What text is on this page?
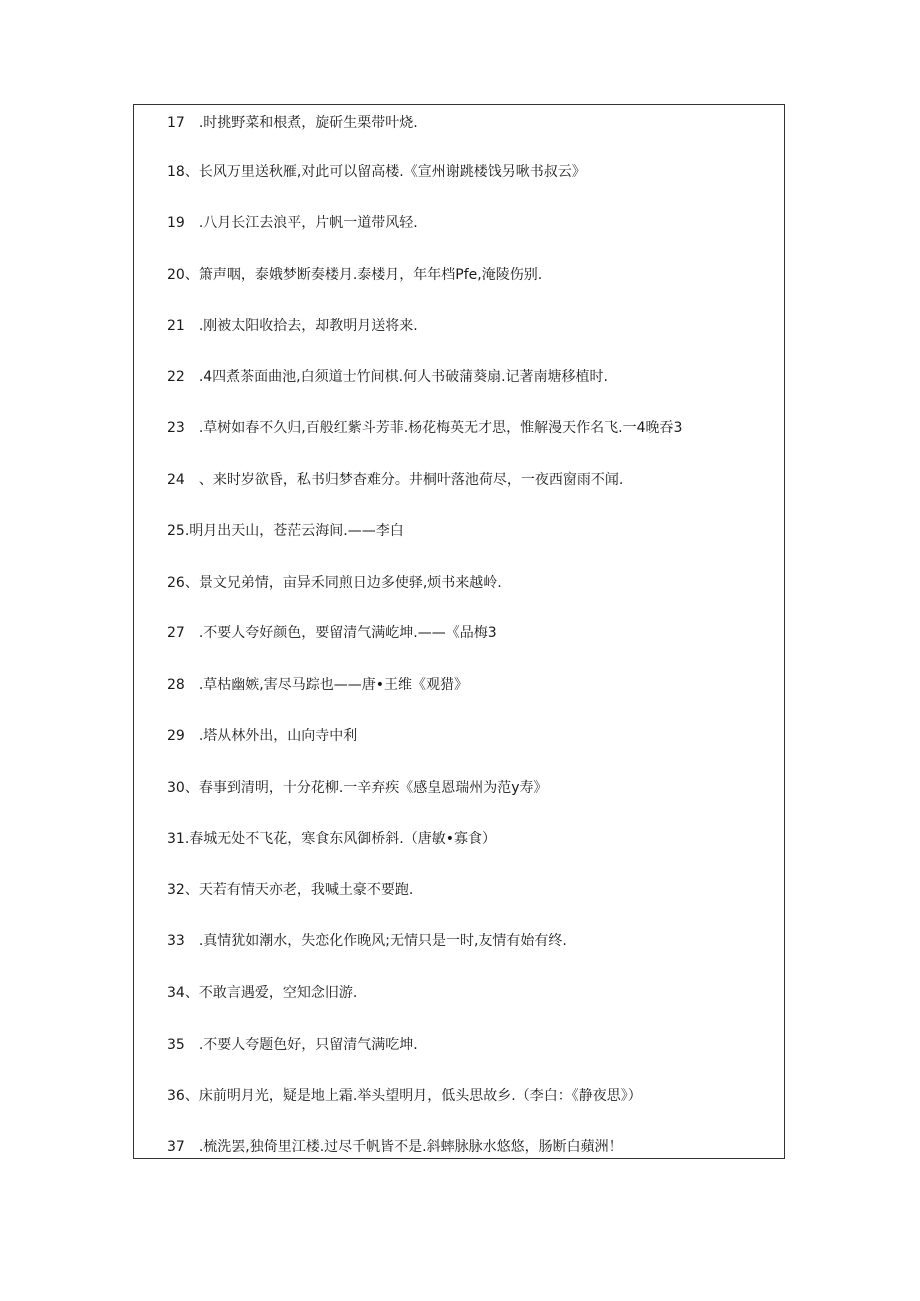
17　.时挑野菜和根煮，旋斫生栗带叶烧.
18、长风万里送秋雁,对此可以留高楼.《宣州谢跳楼饯另啾书叔云》
19　.八月长江去浪平，片帆一道带风轻.
20、箫声咽，泰娥梦断奏楼月.泰楼月，年年档Pfe,淹陵伤别.
21　.刚被太阳收拾去，却教明月送将来.
22　.4四煮茶面曲池,白须道士竹间棋.何人书破蒲葵扇.记著南塘移植时.
23　.草树如春不久归,百般红紫斗芳菲.杨花梅英无才思，惟解漫天作名飞.一4晚吞3
24　、来时岁欲昏，私书归梦杳难分。井桐叶落池荷尽，一夜西窗雨不闻.
25.明月出天山，苍茫云海间.——李白
26、景文兄弟情，亩异禾同煎日边多使驿,烦书来越岭.
27　.不要人夸好颜色，要留清气满屹坤.——《品梅3
28　.草枯幽嫉,害尽马踪也——唐•王维《观猎》
29　.塔从林外出，山向寺中利
30、春事到清明，十分花柳.一辛弃疾《感皇恩瑞州为范y寿》
31.春城无处不飞花，寒食东风御桥斜.（唐敏•寡食）
32、天若有情天亦老，我喊土豪不要跑.
33　.真情犹如潮水，失恋化作晚风;无情只是一时,友情有始有终.
34、不敢言遇爱，空知念旧游.
35　.不要人夸题色好，只留清气满吃坤.
36、床前明月光，疑是地上霜.举头望明月，低头思故乡.（李白：《静夜思》）
37　.梳洗罢,独倚里江楼.过尽千帆皆不是.斜蟀脉脉水悠悠，肠断白蘋洲！
